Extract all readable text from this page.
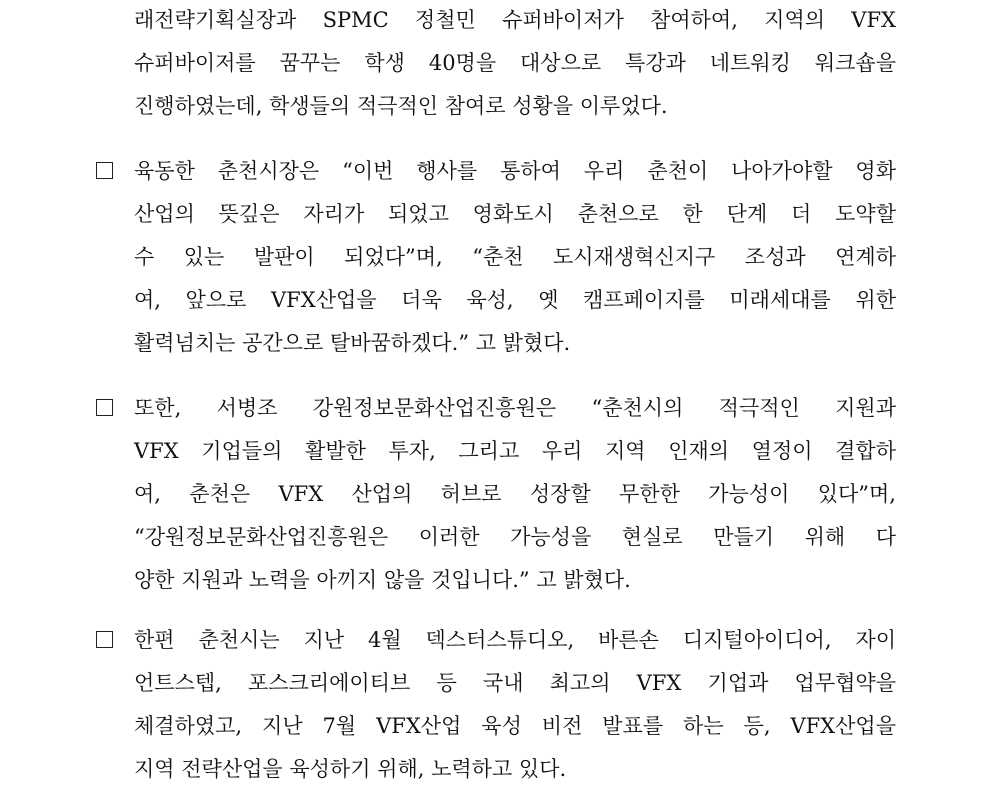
래전략기획실장과 SPMC 정철민 슈퍼바이저가 참여하여, 지역의 VFX
슈퍼바이저를 꿈꾸는 학생 40명을 대상으로 특강과 네트워킹 워크숍을
진행하였는데, 학생들의 적극적인 참여로 성황을 이루었다.
육동한 춘천시장은 “이번 행사를 통하여 우리 춘천이 나아가야할 영화
산업의 뜻깊은 자리가 되었고 영화도시 춘천으로 한 단계 더 도약할
수 있는 발판이 되었다”며, “춘천 도시재생혁신지구 조성과 연계하
여, 앞으로 VFX산업을 더욱 육성, 옛 캠프페이지를 미래세대를 위한
활력넘치는 공간으로 탈바꿈하겠다.” 고 밝혔다.
또한, 서병조 강원정보문화산업진흥원은 “춘천시의 적극적인 지원과
VFX 기업들의 활발한 투자, 그리고 우리 지역 인재의 열정이 결합하
여, 춘천은 VFX 산업의 허브로 성장할 무한한 가능성이 있다”며,
“강원정보문화산업진흥원은 이러한 가능성을 현실로 만들기 위해 다
양한 지원과 노력을 아끼지 않을 것입니다.” 고 밝혔다.
한편 춘천시는 지난 4월 덱스터스튜디오, 바른손 디지털아이디어, 자이
언트스텝, 포스크리에이티브 등 국내 최고의 VFX 기업과 업무협약을
체결하였고, 지난 7월 VFX산업 육성 비전 발표를 하는 등, VFX산업을
지역 전략산업을 육성하기 위해, 노력하고 있다.
